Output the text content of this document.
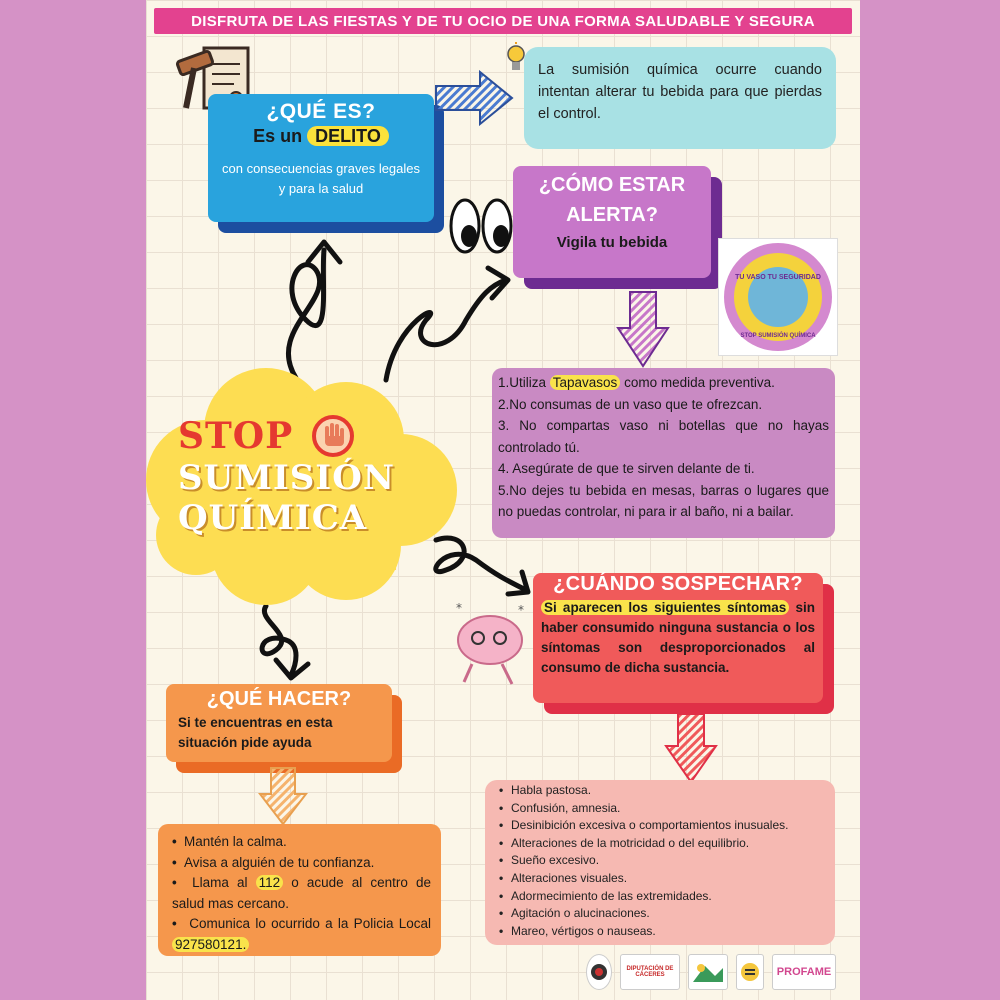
DISFRUTA DE LAS FIESTAS Y DE TU OCIO DE UNA FORMA SALUDABLE Y SEGURA
¿QUÉ ES?
Es un DELITO
con consecuencias graves legales y para la salud
La sumisión química ocurre cuando intentan alterar tu bebida para que pierdas el control.
¿CÓMO ESTAR ALERTA?
Vigila tu bebida
TU VASO TU SEGURIDAD
STOP SUMISIÓN QUÍMICA

1.Utiliza Tapavasos como medida preventiva.

2.No consumas de un vaso que te ofrezcan.

3. No compartas vaso ni botellas que no hayas controlado tú.

4. Asegúrate de que te sirven delante de ti.

5.No dejes tu bebida en mesas, barras o lugares que no puedas controlar, ni para ir al baño, ni a bailar.

STOP
SUMISIÓN
QUÍMICA
¿CUÁNDO SOSPECHAR?
Si aparecen los siguientes síntomas sin haber consumido ninguna sustancia o los síntomas son desproporcionados al consumo de dicha sustancia.
*	*
• Habla pastosa.
• Confusión, amnesia.
• Desinibición excesiva o comportamientos inusuales.
• Alteraciones de la motricidad o del equilibrio.
• Sueño excesivo.
• Alteraciones visuales.
• Adormecimiento de las extremidades.
• Agitación o alucinaciones.
• Mareo, vértigos o nauseas.
¿QUÉ HACER?
Si te encuentras en esta situación pide ayuda
• Mantén la calma.
• Avisa a alguién de tu confianza.
• Llama al 112 o acude al centro de salud mas cercano.
• Comunica lo ocurrido a la Policia Local 927580121.
DIPUTACIÓN DE CÁCERES	PROFAME
